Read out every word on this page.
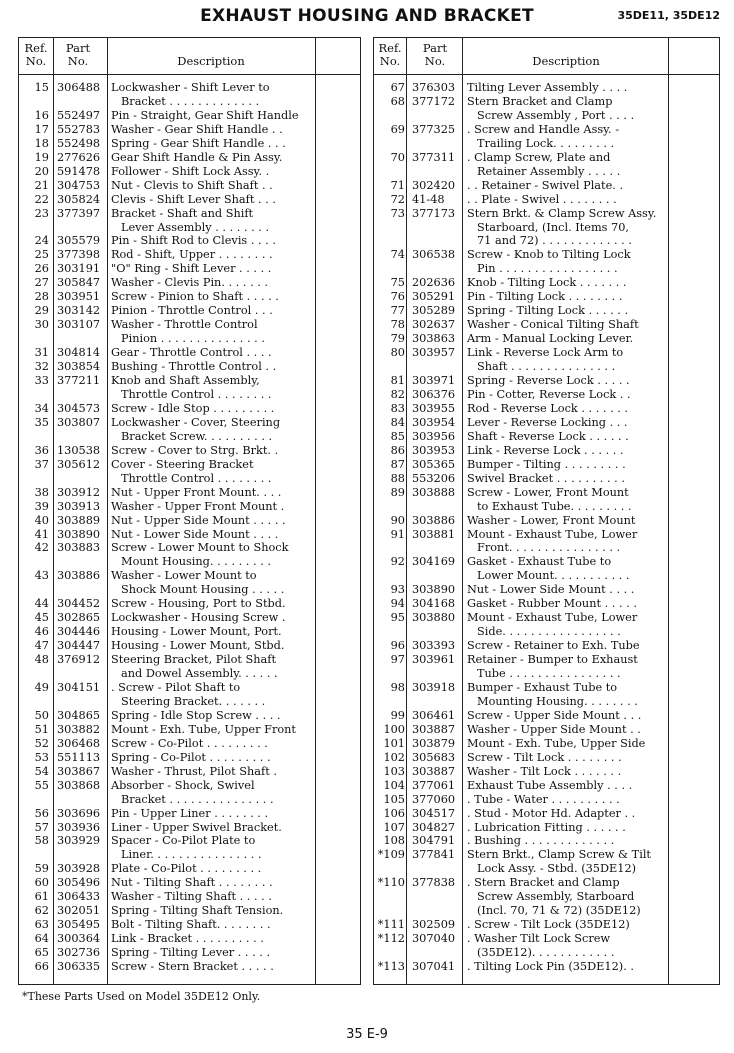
EXHAUST HOUSING AND BRACKET	35DE11, 35DE12
Ref.
No.
Part
No.	Description
15 306488 Lockwasher - Shift Lever to
Bracket . . . . . . . . . . . . .
16 552497 Pin - Straight, Gear Shift Handle
17 552783 Washer - Gear Shift Handle . .
18 552498 Spring - Gear Shift Handle . . .
19 277626 Gear Shift Handle & Pin Assy.
20 591478 Follower - Shift Lock Assy. .
21 304753 Nut - Clevis to Shift Shaft . .
22 305824 Clevis - Shift Lever Shaft . . .
23 377397 Bracket - Shaft and Shift
Lever Assembly . . . . . . . .
24 305579 Pin - Shift Rod to Clevis . . . .
25 377398 Rod - Shift, Upper . . . . . . . .
26 303191 "O" Ring - Shift Lever . . . . .
27 305847 Washer - Clevis Pin. . . . . . .
28 303951 Screw - Pinion to Shaft . . . . .
29 303142 Pinion - Throttle Control . . .
30 303107 Washer - Throttle Control
Pinion . . . . . . . . . . . . . . .
31 304814 Gear - Throttle Control . . . .
32 303854 Bushing - Throttle Control . .
33 377211 Knob and Shaft Assembly,
Throttle Control . . . . . . . .
34 304573 Screw - Idle Stop . . . . . . . . .
35 303807 Lockwasher - Cover, Steering
Bracket Screw. . . . . . . . . .
36 130538 Screw - Cover to Strg. Brkt. .
37 305612 Cover - Steering Bracket
Throttle Control . . . . . . . .
38 303912 Nut - Upper Front Mount. . . .
39 303913 Washer - Upper Front Mount .
40 303889 Nut - Upper Side Mount . . . . .
41 303890 Nut - Lower Side Mount . . . .
42 303883 Screw - Lower Mount to Shock
Mount Housing. . . . . . . . .
43 303886 Washer - Lower Mount to
Shock Mount Housing . . . . .
44 304452 Screw - Housing, Port to Stbd.
45 302865 Lockwasher - Housing Screw .
46 304446 Housing - Lower Mount, Port.
47 304447 Housing - Lower Mount, Stbd.
48 376912 Steering Bracket, Pilot Shaft
and Dowel Assembly. . . . . .
49 304151 . Screw - Pilot Shaft to
Steering Bracket. . . . . . .
50 304865 Spring - Idle Stop Screw . . . .
51 303882 Mount - Exh. Tube, Upper Front
52 306468 Screw - Co-Pilot . . . . . . . . .
53 551113 Spring - Co-Pilot . . . . . . . . .
54 303867 Washer - Thrust, Pilot Shaft .
55 303868 Absorber - Shock, Swivel
Bracket . . . . . . . . . . . . . . .
56 303696 Pin - Upper Liner . . . . . . . .
57 303936 Liner - Upper Swivel Bracket.
58 303929 Spacer - Co-Pilot Plate to
Liner. . . . . . . . . . . . . . . .
59 303928 Plate - Co-Pilot . . . . . . . . .
60 305496 Nut - Tilting Shaft . . . . . . . .
61 306433 Washer - Tilting Shaft . . . . .
62 302051 Spring - Tilting Shaft Tension.
63 305495 Bolt - Tilting Shaft. . . . . . . .
64 300364 Link - Bracket . . . . . . . . . .
65 302736 Spring - Tilting Lever . . . . .
66 306335 Screw - Stern Bracket . . . . .
Ref.
No.
Part
No.	Description
67 376303 Tilting Lever Assembly . . . .
68 377172 Stern Bracket and Clamp
Screw Assembly , Port . . . .
69 377325 . Screw and Handle Assy. -
Trailing Lock. . . . . . . . .
70 377311 . Clamp Screw, Plate and
Retainer Assembly . . . . .
71 302420 . . Retainer - Swivel Plate. .
72 41-48 . . Plate - Swivel . . . . . . . .
73 377173 Stern Brkt. & Clamp Screw Assy.
Starboard, (Incl. Items 70,
71 and 72) . . . . . . . . . . . . .
74 306538 Screw - Knob to Tilting Lock
Pin . . . . . . . . . . . . . . . . .
75 202636 Knob - Tilting Lock . . . . . . .
76 305291 Pin - Tilting Lock . . . . . . . .
77 305289 Spring - Tilting Lock . . . . . .
78 302637 Washer - Conical Tilting Shaft
79 303863 Arm - Manual Locking Lever.
80 303957 Link - Reverse Lock Arm to
Shaft . . . . . . . . . . . . . . .
81 303971 Spring - Reverse Lock . . . . .
82 306376 Pin - Cotter, Reverse Lock . .
83 303955 Rod - Reverse Lock . . . . . . .
84 303954 Lever - Reverse Locking . . .
85 303956 Shaft - Reverse Lock . . . . . .
86 303953 Link - Reverse Lock . . . . . .
87 305365 Bumper - Tilting . . . . . . . . .
88 553206 Swivel Bracket . . . . . . . . . .
89 303888 Screw - Lower, Front Mount
to Exhaust Tube. . . . . . . . .
90 303886 Washer - Lower, Front Mount
91 303881 Mount - Exhaust Tube, Lower
Front. . . . . . . . . . . . . . . .
92 304169 Gasket - Exhaust Tube to
Lower Mount. . . . . . . . . . .
93 303890 Nut - Lower Side Mount . . . .
94 304168 Gasket - Rubber Mount . . . . .
95 303880 Mount - Exhaust Tube, Lower
Side. . . . . . . . . . . . . . . . .
96 303393 Screw - Retainer to Exh. Tube
97 303961 Retainer - Bumper to Exhaust
Tube . . . . . . . . . . . . . . . .
98 303918 Bumper - Exhaust Tube to
Mounting Housing. . . . . . . .
99 306461 Screw - Upper Side Mount . . .
100 303887 Washer - Upper Side Mount . .
101 303879 Mount - Exh. Tube, Upper Side
102 305683 Screw - Tilt Lock . . . . . . . .
103 303887 Washer - Tilt Lock . . . . . . .
104 377061 Exhaust Tube Assembly . . . .
105 377060 . Tube - Water . . . . . . . . . .
106 304517 . Stud - Motor Hd. Adapter . .
107 304827 . Lubrication Fitting . . . . . .
108 304791 . Bushing . . . . . . . . . . . . .
*109 377841 Stern Brkt., Clamp Screw & Tilt
Lock Assy. - Stbd. (35DE12)
*110 377838 . Stern Bracket and Clamp
Screw Assembly, Starboard
(Incl. 70, 71 & 72) (35DE12)
*111 302509 . Screw - Tilt Lock (35DE12)
*112 307040 . Washer Tilt Lock Screw
(35DE12). . . . . . . . . . . .
*113 307041 . Tilting Lock Pin (35DE12). .
*These Parts Used on Model 35DE12 Only.
35 E-9
